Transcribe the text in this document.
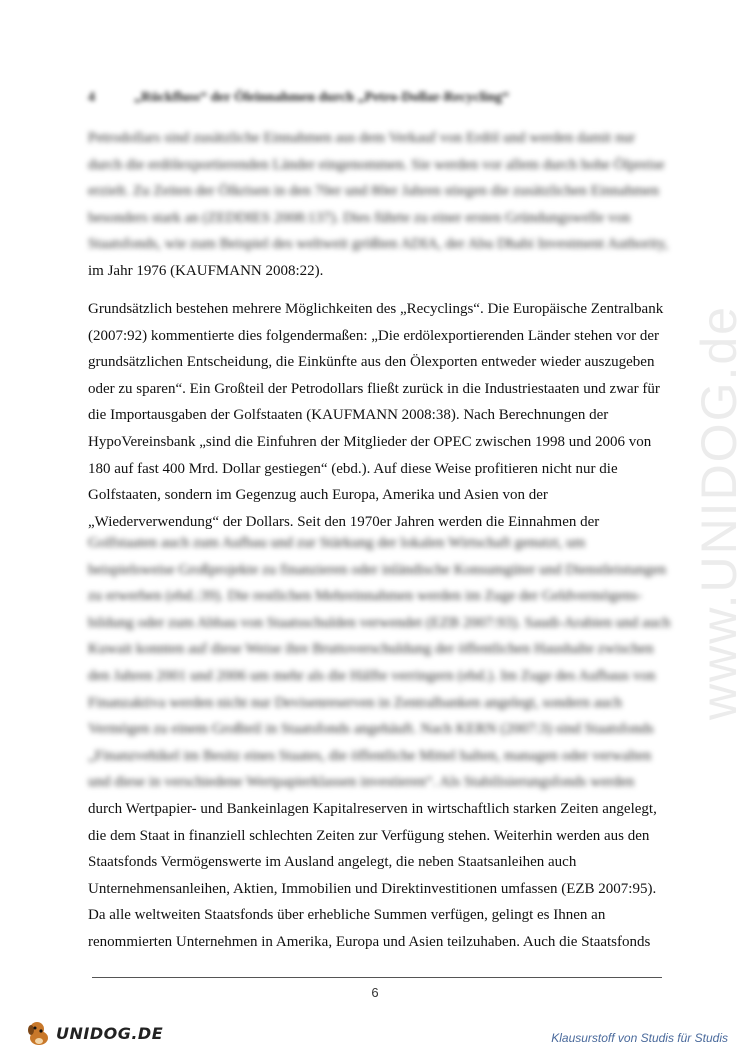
4	„Rückfluss“ der Öleinnahmen durch „Petro-Dollar-Recycling“
Petrodollars sind zusätzliche Einnahmen aus dem Verkauf von Erdöl und werden damit nur
durch die erdölexportierenden Länder eingenommen. Sie werden vor allem durch hohe Ölpreise
erzielt. Zu Zeiten der Ölkrisen in den 70er und 80er Jahren stiegen die zusätzlichen Einnahmen
besonders stark an (ZEDDIES 2008:137). Dies führte zu einer ersten Gründungswelle von
Staatsfonds, wie zum Beispiel des weltweit größten ADIA, der Abu Dhabi Investment Authority,
im Jahr 1976 (KAUFMANN 2008:22).
Grundsätzlich bestehen mehrere Möglichkeiten des „Recyclings“. Die Europäische Zentralbank
(2007:92) kommentierte dies folgendermaßen: „Die erdölexportierenden Länder stehen vor der
grundsätzlichen Entscheidung, die Einkünfte aus den Ölexporten entweder wieder auszugeben
oder zu sparen“. Ein Großteil der Petrodollars fließt zurück in die Industriestaaten und zwar für
die Importausgaben der Golfstaaten (KAUFMANN 2008:38). Nach Berechnungen der
HypoVereinsbank „sind die Einfuhren der Mitglieder der OPEC zwischen 1998 und 2006 von
180 auf fast 400 Mrd. Dollar gestiegen“ (ebd.). Auf diese Weise profitieren nicht nur die
Golfstaaten, sondern im Gegenzug auch Europa, Amerika und Asien von der
„Wiederverwendung“ der Dollars. Seit den 1970er Jahren werden die Einnahmen der
Golfstaaten auch zum Aufbau und zur Stärkung der lokalen Wirtschaft genutzt, um
beispielsweise Großprojekte zu finanzieren oder inländische Konsumgüter und Dienstleistungen
zu erwerben (ebd.:39). Die restlichen Mehreinnahmen werden im Zuge der Geldvermögens-
bildung oder zum Abbau von Staatsschulden verwendet (EZB 2007:93). Saudi-Arabien und auch
Kuwait konnten auf diese Weise ihre Bruttoverschuldung der öffentlichen Haushalte zwischen
den Jahren 2001 und 2006 um mehr als die Hälfte verringern (ebd.). Im Zuge des Aufbaus von
Finanzaktiva werden nicht nur Devisenreserven in Zentralbanken angelegt, sondern auch
Vermögen zu einem Großteil in Staatsfonds angehäuft. Nach KERN (2007:3) sind Staatsfonds
„Finanzvehikel im Besitz eines Staates, die öffentliche Mittel halten, managen oder verwalten
und diese in verschiedene Wertpapierklassen investieren“. Als Stabilisierungsfonds werden
durch Wertpapier- und Bankeinlagen Kapitalreserven in wirtschaftlich starken Zeiten angelegt,
die dem Staat in finanziell schlechten Zeiten zur Verfügung stehen. Weiterhin werden aus den
Staatsfonds Vermögenswerte im Ausland angelegt, die neben Staatsanleihen auch
Unternehmensanleihen, Aktien, Immobilien und Direktinvestitionen umfassen (EZB 2007:95).
Da alle weltweiten Staatsfonds über erhebliche Summen verfügen, gelingt es Ihnen an
renommierten Unternehmen in Amerika, Europa und Asien teilzuhaben. Auch die Staatsfonds
www.UNIDOG.de
6
UNIDOG.DE	Klausurstoff von Studis für Studis
